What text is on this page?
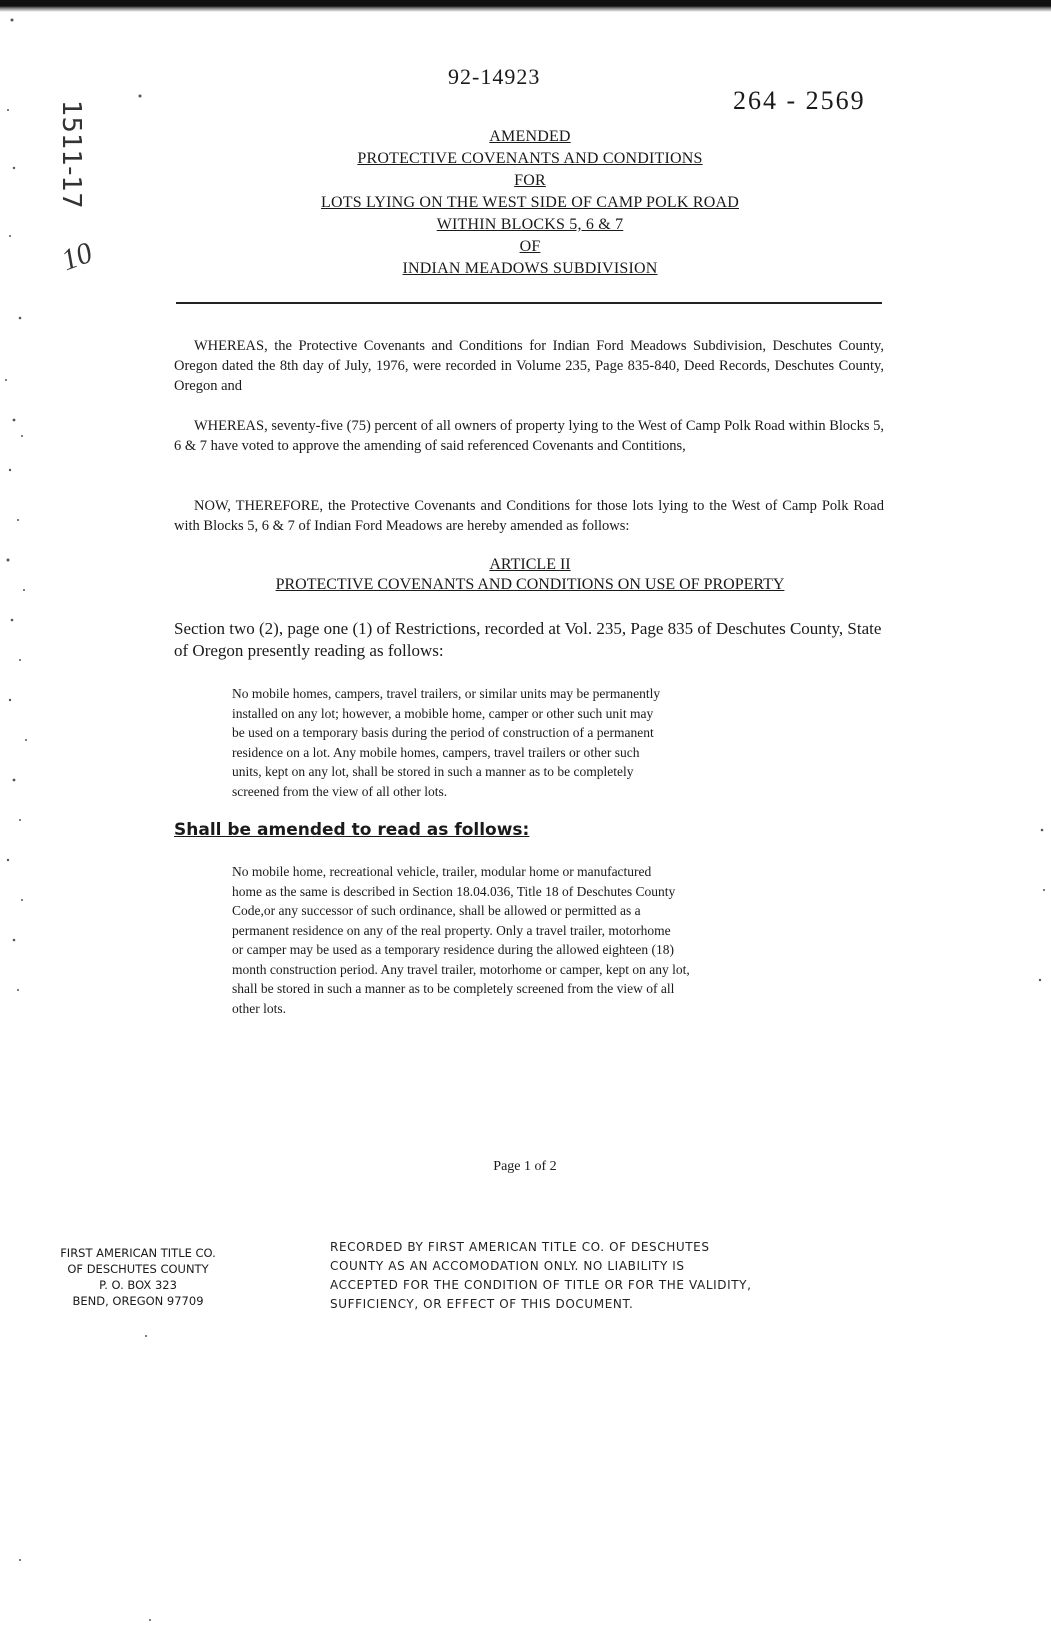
92-14923
264 - 2569
1511-17
10
AMENDED
PROTECTIVE COVENANTS AND CONDITIONS
FOR
LOTS LYING ON THE WEST SIDE OF CAMP POLK ROAD
WITHIN BLOCKS 5, 6 & 7
OF
INDIAN MEADOWS SUBDIVISION

WHEREAS, the Protective Covenants and Conditions for Indian Ford Meadows Subdivision, Deschutes County, Oregon dated the 8th day of July, 1976, were recorded in Volume 235, Page 835-840, Deed Records, Deschutes County, Oregon and

WHEREAS, seventy-five (75) percent of all owners of property lying to the West of Camp Polk Road within Blocks 5, 6 & 7 have voted to approve the amending of said referenced Covenants and Contitions,

NOW, THEREFORE, the Protective Covenants and Conditions for those lots lying to the West of Camp Polk Road with Blocks 5, 6 & 7 of Indian Ford Meadows are hereby amended as follows:

ARTICLE II
PROTECTIVE COVENANTS AND CONDITIONS ON USE OF PROPERTY

Section two (2), page one (1) of Restrictions, recorded at Vol. 235, Page 835 of Deschutes County, State of Oregon presently reading as follows:

No mobile homes, campers, travel trailers, or similar units may be permanently
installed on any lot; however, a mobible home, camper or other such unit may
be used on a temporary basis during the period of construction of a permanent
residence on a lot. Any mobile homes, campers, travel trailers or other such
units, kept on any lot, shall be stored in such a manner as to be completely
screened from the view of all other lots.
Shall be amended to read as follows:
No mobile home, recreational vehicle, trailer, modular home or manufactured
home as the same is described in Section 18.04.036, Title 18 of Deschutes County
Code,or any successor of such ordinance, shall be allowed or permitted as a
permanent residence on any of the real property. Only a travel trailer, motorhome
or camper may be used as a temporary residence during the allowed eighteen (18)
month construction period. Any travel trailer, motorhome or camper, kept on any lot,
shall be stored in such a manner as to be completely screened from the view of all
other lots.
Page 1 of 2
FIRST AMERICAN TITLE CO.
OF DESCHUTES COUNTY
P. O. BOX 323
BEND, OREGON 97709
RECORDED BY FIRST AMERICAN TITLE CO. OF DESCHUTES
COUNTY AS AN ACCOMODATION ONLY. NO LIABILITY IS
ACCEPTED FOR THE CONDITION OF TITLE OR FOR THE VALIDITY,
SUFFICIENCY, OR EFFECT OF THIS DOCUMENT.
